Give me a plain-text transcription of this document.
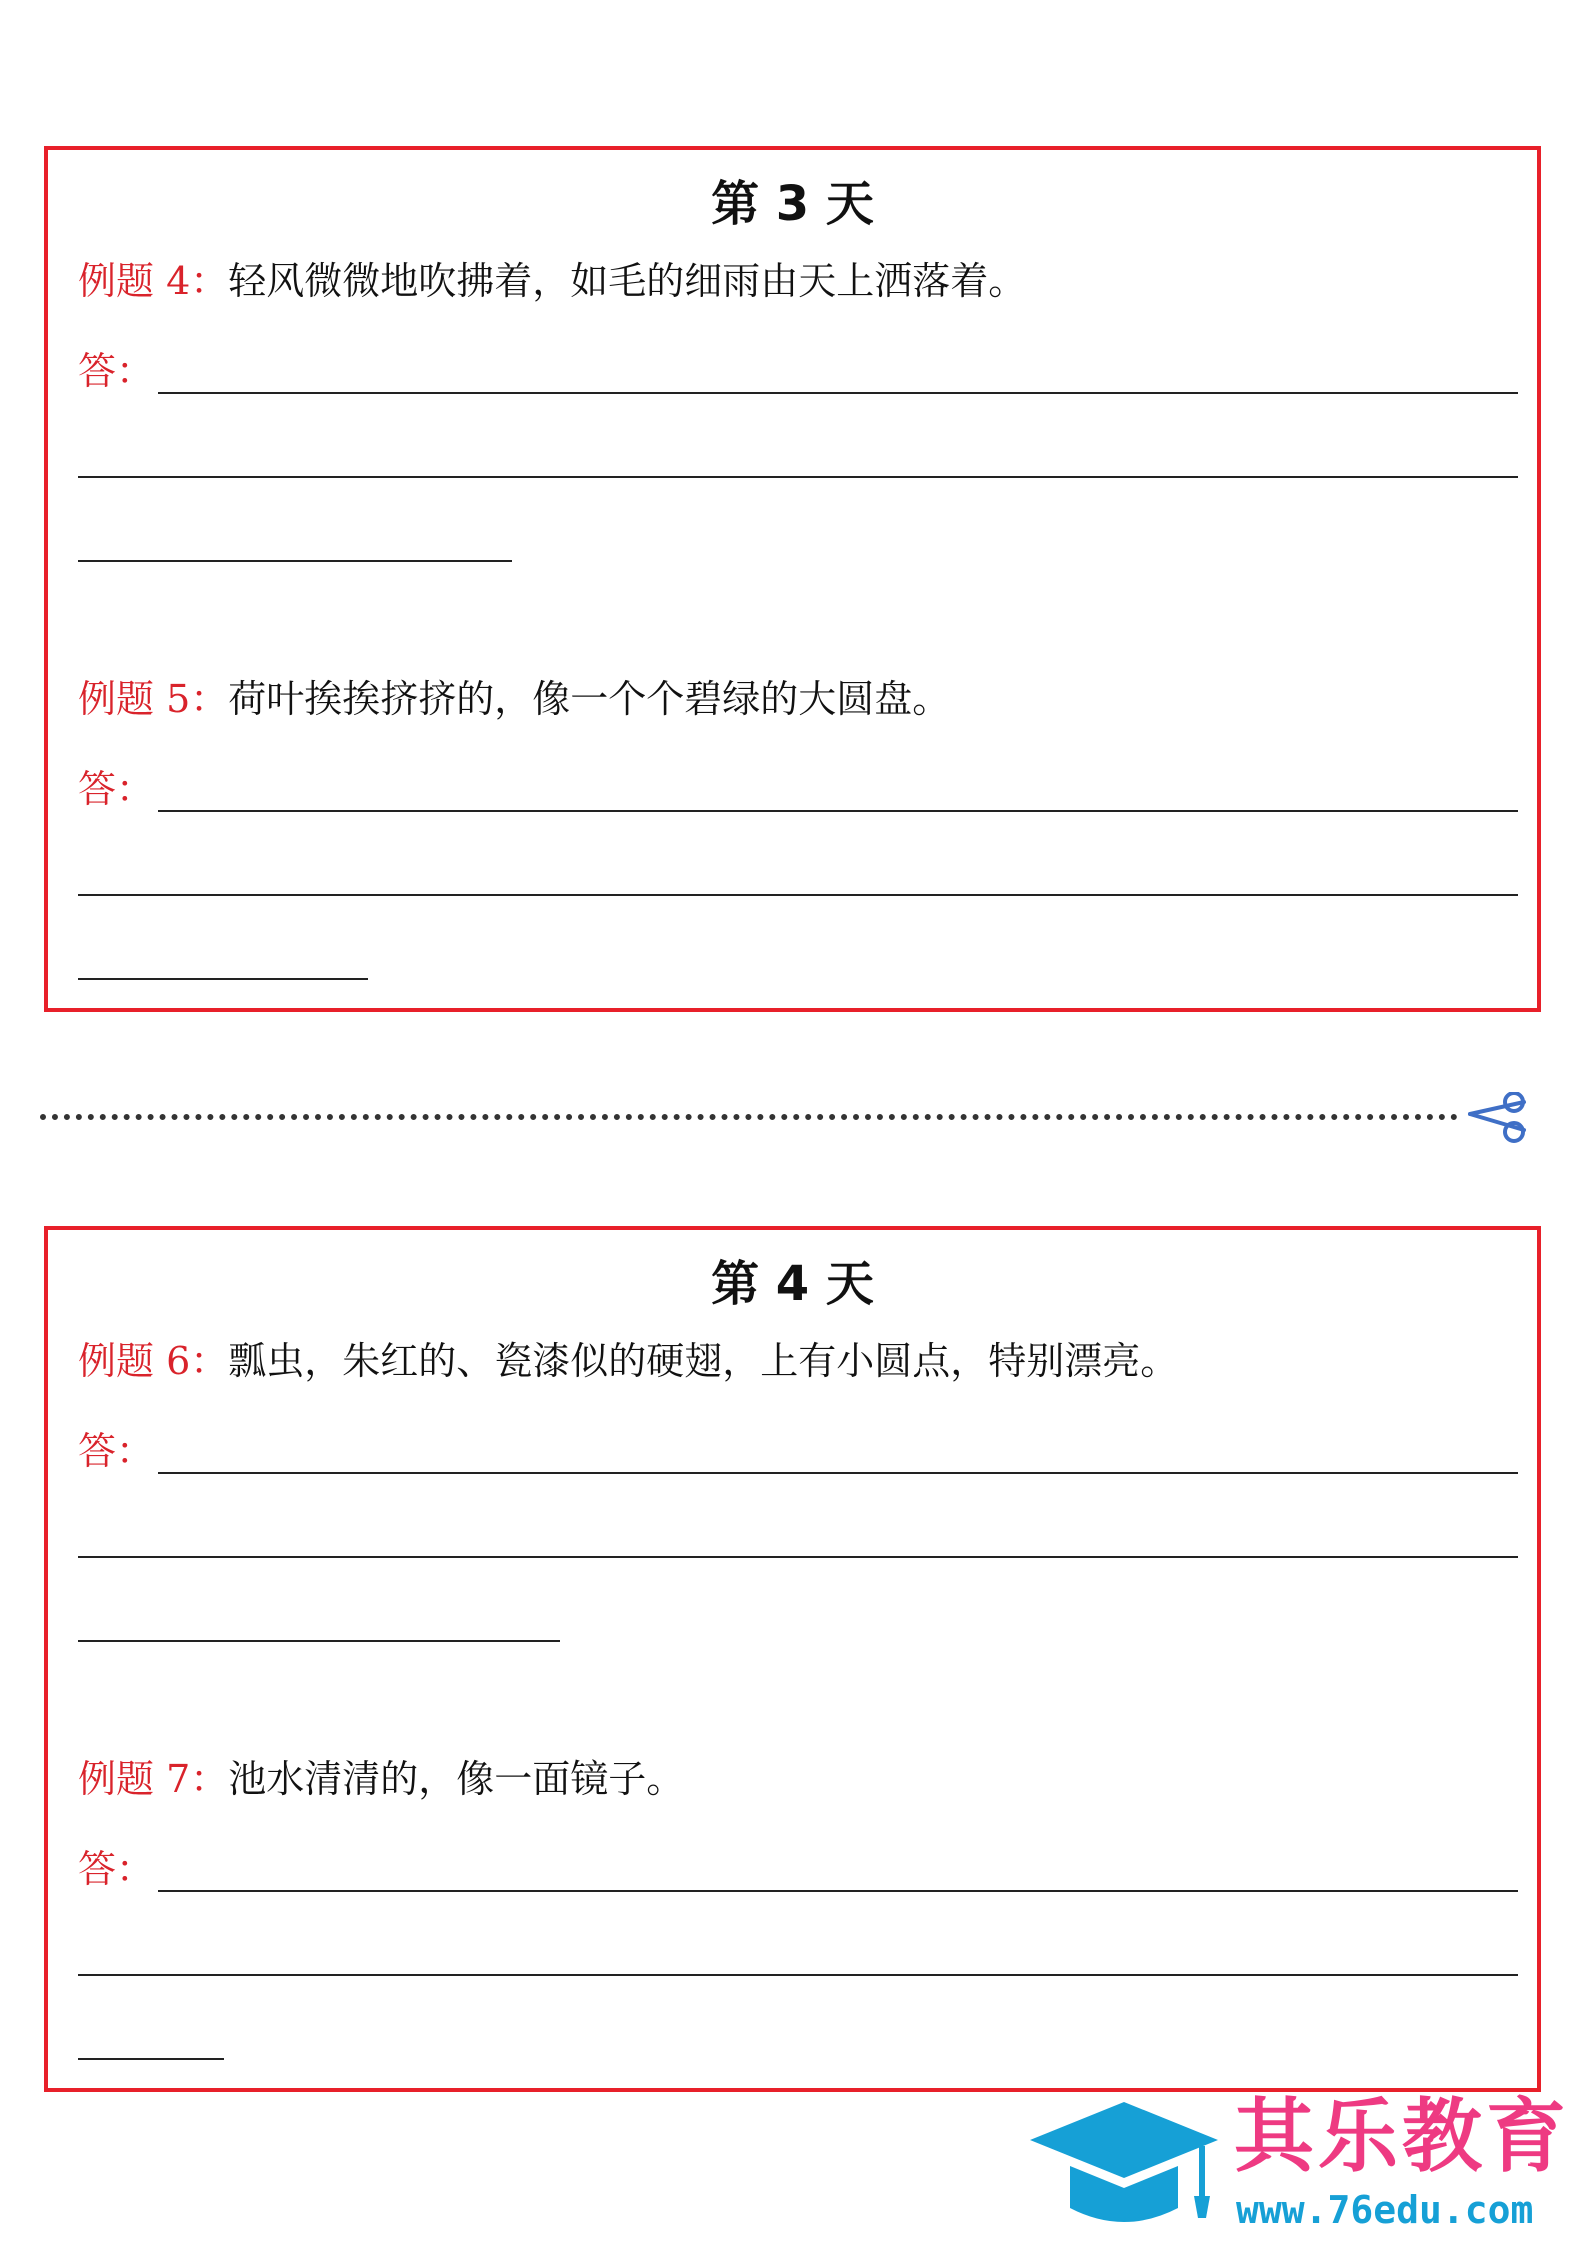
第 3 天
例题 4：轻风微微地吹拂着，如毛的细雨由天上洒落着。
答：
例题 5：荷叶挨挨挤挤的，像一个个碧绿的大圆盘。
答：
第 4 天
例题 6：瓢虫，朱红的、瓷漆似的硬翅，上有小圆点，特别漂亮。
答：
例题 7：池水清清的，像一面镜子。
答：
其乐教育
www.76edu.com
